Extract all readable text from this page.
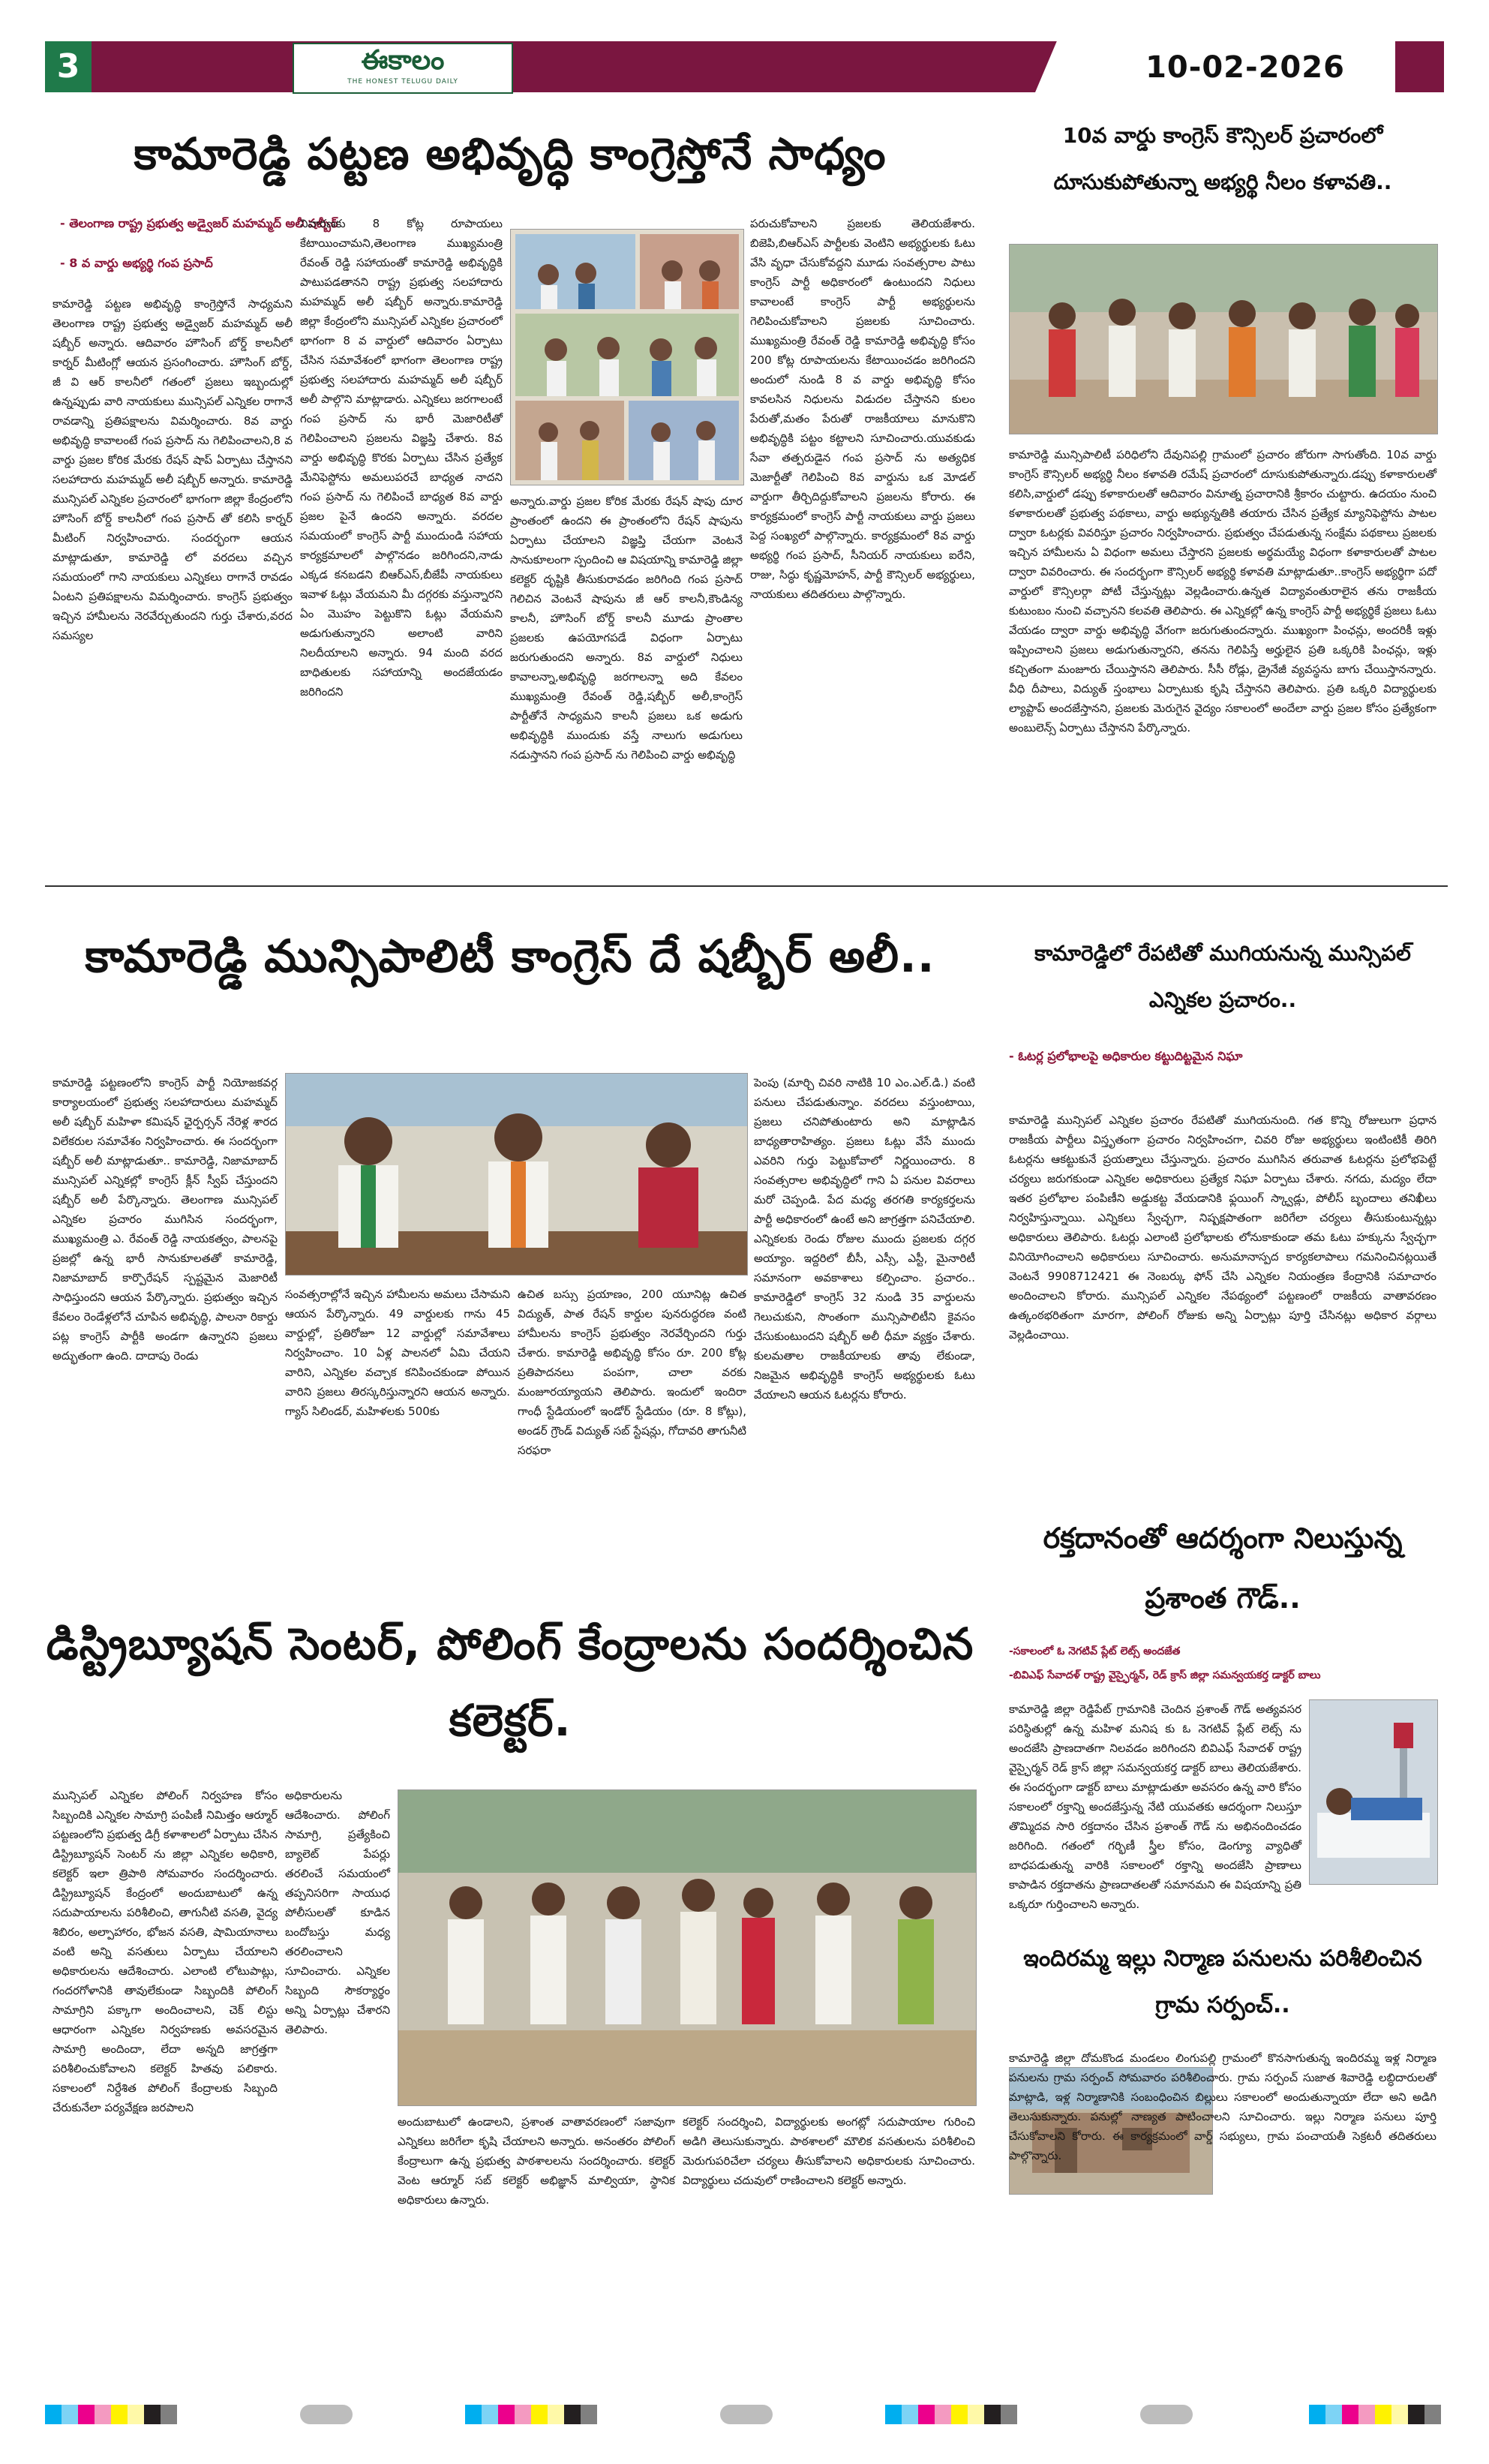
3	ఈకాలం
THE HONEST TELUGU DAILY	10-02-2026
కామారెడ్డి పట్టణ అభివృద్ధి కాంగ్రెస్తోనే సాధ్యం
- తెలంగాణ రాష్ట్ర ప్రభుత్వ అడ్వైజర్ మహమ్మద్ అలీ షబ్బీర్
- 8 వ వార్డు అభ్యర్థి గంప ప్రసాద్
కామారెడ్డి పట్టణ అభివృద్ధి కాంగ్రెస్తోనే సాధ్యమని తెలంగాణ రాష్ట్ర ప్రభుత్వ అడ్వైజర్ మహమ్మద్ అలీ షబ్బీర్ అన్నారు. ఆదివారం హౌసింగ్ బోర్డ్ కాలనీలో కార్నర్ మీటింగ్లో ఆయన ప్రసంగించారు. హౌసింగ్ బోర్డ్, జీ వి ఆర్ కాలనీలో గతంలో ప్రజలు ఇబ్బందుల్లో ఉన్నప్పుడు వారి నాయకులు మున్సిపల్ ఎన్నికల రాగానే రావడాన్ని ప్రతిపక్షాలను విమర్శించారు. 8వ వార్డు అభివృద్ధి కావాలంటే గంప ప్రసాద్ ను గెలిపించాలని,8 వ వార్డు ప్రజల కోరిక మేరకు రేషన్ షాప్ ఏర్పాటు చేస్తానని సలహాదారు మహమ్మద్ అలీ షబ్బీర్ అన్నారు. కామారెడ్డి మున్సిపల్ ఎన్నికల ప్రచారంలో భాగంగా జిల్లా కేంద్రంలోని హౌసింగ్ బోర్డ్ కాలనీలో గంప ప్రసాద్ తో కలిసి కార్నర్ మీటింగ్ నిర్వహించారు. సందర్భంగా ఆయన మాట్లాడుతూ, కామారెడ్డి లో వరదలు వచ్చిన సమయంలో గాని నాయకులు ఎన్నికలు రాగానే రావడం ఏంటని ప్రతిపక్షాలను విమర్శించారు. కాంగ్రెస్ ప్రభుత్వం ఇచ్చిన హామీలను నెరవేర్చుతుందని గుర్తు చేశారు,వరద సమస్యల
నివారణకు 8 కోట్ల రూపాయలు కేటాయించామని,తెలంగాణ ముఖ్యమంత్రి రేవంత్ రెడ్డి సహాయంతో కామారెడ్డి అభివృద్ధికి పాటుపడతానని రాష్ట్ర ప్రభుత్వ సలహాదారు మహమ్మద్ అలీ షబ్బీర్ అన్నారు.కామారెడ్డి జిల్లా కేంద్రంలోని మున్సిపల్ ఎన్నికల ప్రచారంలో భాగంగా 8 వ వార్డులో ఆదివారం ఏర్పాటు చేసిన సమావేశంలో భాగంగా తెలంగాణ రాష్ట్ర ప్రభుత్వ సలహాదారు మహమ్మద్ అలీ షబ్బీర్ అలీ పాల్గొని మాట్లాడారు. ఎన్నికలు జరగాలంటే గంప ప్రసాద్ ను భారీ మెజారిటీతో గెలిపించాలని ప్రజలను విజ్ఞప్తి చేశారు. 8వ వార్డు అభివృద్ధి కొరకు ఏర్పాటు చేసిన ప్రత్యేక మేనిఫెస్టోను అమలుపరచే బాధ్యత నాదని గంప ప్రసాద్ ను గెలిపించే బాధ్యత 8వ వార్డు ప్రజల పైనే ఉందని అన్నారు. వరదల సమయంలో కాంగ్రెస్ పార్టీ ముందుండి సహాయ కార్యక్రమాలలో పాల్గొనడం జరిగిందని,నాడు ఎక్కడ కనబడని బిఆర్ఎస్,బీజేపీ నాయకులు ఇవాళ ఓట్లు వేయమని మీ దగ్గరకు వస్తున్నారని ఏం మొహం పెట్టుకొని ఓట్లు వేయమని అడుగుతున్నారని అలాంటి వారిని నిలదీయాలని అన్నారు. 94 మంది వరద బాధితులకు సహాయాన్ని అందజేయడం జరిగిందని
అన్నారు.వార్డు ప్రజల కోరిక మేరకు రేషన్ షాపు దూర ప్రాంతంలో ఉందని ఈ ప్రాంతంలోని రేషన్ షాపును ఏర్పాటు చేయాలని విజ్ఞప్తి చేయగా వెంటనే సానుకూలంగా స్పందించి ఆ విషయాన్ని కామారెడ్డి జిల్లా కలెక్టర్ దృష్టికి తీసుకురావడం జరిగింది గంప ప్రసాద్ గెలిచిన వెంటనే షాపును జీ ఆర్ కాలనీ,కౌండిన్య కాలనీ, హౌసింగ్ బోర్డ్ కాలనీ మూడు ప్రాంతాల ప్రజలకు ఉపయోగపడే విధంగా ఏర్పాటు జరుగుతుందని అన్నారు. 8వ వార్డులో నిధులు కావాలన్నా,అభివృద్ధి జరగాలన్నా అది కేవలం ముఖ్యమంత్రి రేవంత్ రెడ్డి,షబ్బీర్ అలీ,కాంగ్రెస్ పార్టీతోనే సాధ్యమని కాలనీ ప్రజలు ఒక అడుగు అభివృద్ధికి ముందుకు వస్తే నాలుగు అడుగులు నడుస్తానని గంప ప్రసాద్ ను గెలిపించి వార్డు అభివృద్ధి
పరుచుకోవాలని ప్రజలకు తెలియజేశారు. బిజెపి,బిఆర్ఎస్ పార్టీలకు వెంటిని అభ్యర్థులకు ఓటు వేసి వృధా చేసుకోవద్దని మూడు సంవత్సరాల పాటు కాంగ్రెస్ పార్టీ అధికారంలో ఉంటుందని నిధులు కావాలంటే కాంగ్రెస్ పార్టీ అభ్యర్థులను గెలిపించుకోవాలని ప్రజలకు సూచించారు. ముఖ్యమంత్రి రేవంత్ రెడ్డి కామారెడ్డి అభివృద్ధి కోసం 200 కోట్ల రూపాయలను కేటాయించడం జరిగిందని అందులో నుండి 8 వ వార్డు అభివృద్ధి కోసం కావలసిన నిధులను విడుదల చేస్తానని కులం పేరుతో,మతం పేరుతో రాజకీయాలు మానుకొని అభివృద్ధికి పట్టం కట్టాలని సూచించారు.యువకుడు సేవా తత్పరుడైన గంప ప్రసాద్ ను అత్యధిక మెజార్టీతో గెలిపించి 8వ వార్డును ఒక మోడల్ వార్డుగా తీర్చిదిద్దుకోవాలని ప్రజలను కోరారు. ఈ కార్యక్రమంలో కాంగ్రెస్ పార్టీ నాయకులు వార్డు ప్రజలు పెద్ద సంఖ్యలో పాల్గొన్నారు. కార్యక్రమంలో 8వ వార్డు అభ్యర్థి గంప ప్రసాద్, సీనియర్ నాయకులు ఐరేని, రాజు, సిద్ధు కృష్ణమోహన్, పార్టీ కౌన్సిలర్ అభ్యర్థులు, నాయకులు తదితరులు పాల్గొన్నారు.
10వ వార్డు కాంగ్రెస్ కౌన్సిలర్ ప్రచారంలో దూసుకుపోతున్నా అభ్యర్థి నీలం కళావతి..
కామారెడ్డి మున్సిపాలిటీ పరిధిలోని దేవునిపల్లి గ్రామంలో ప్రచారం జోరుగా సాగుతోంది. 10వ వార్డు కాంగ్రెస్ కౌన్సిలర్ అభ్యర్థి నీలం కళావతి రమేష్ ప్రచారంలో దూసుకుపోతున్నారు.డప్పు కళాకారులతో కలిసి,వార్డులో డప్పు కళాకారులతో ఆదివారం వినూత్న ప్రచారానికి శ్రీకారం చుట్టారు. ఉదయం నుంచి కళాకారులతో ప్రభుత్వ పథకాలు, వార్డు అభ్యున్నతికి తయారు చేసిన ప్రత్యేక మ్యానిఫెస్టోను పాటల ద్వారా ఓటర్లకు వివరిస్తూ ప్రచారం నిర్వహించారు. ప్రభుత్వం చేపడుతున్న సంక్షేమ పథకాలు ప్రజలకు ఇచ్చిన హామీలను ఏ విధంగా అమలు చేస్తారని ప్రజలకు అర్థమయ్యే విధంగా కళాకారులతో పాటల ద్వారా వివరించారు. ఈ సందర్భంగా కౌన్సిలర్ అభ్యర్థి కళావతి మాట్లాడుతూ..కాంగ్రెస్ అభ్యర్థిగా పదో వార్డులో కౌన్సిలర్గా పోటీ చేస్తున్నట్లు వెల్లడించారు.ఉన్నత విద్యావంతురాలైన తను రాజకీయ కుటుంబం నుంచి వచ్చానని కలవతి తెలిపారు. ఈ ఎన్నికల్లో ఉన్న కాంగ్రెస్ పార్టీ అభ్యర్థికే ప్రజలు ఓటు వేయడం ద్వారా వార్డు అభివృద్ధి వేగంగా జరుగుతుందన్నారు. ముఖ్యంగా పింఛన్లు, అందరికీ ఇళ్లు ఇప్పించాలని ప్రజలు అడుగుతున్నారని, తనను గెలిపిస్తే అర్హులైన ప్రతి ఒక్కరికి పింఛన్లు, ఇళ్లు కచ్చితంగా మంజూరు చేయిస్తానని తెలిపారు. సీసీ రోడ్లు, డ్రైనేజీ వ్యవస్థను బాగు చేయిస్తానన్నారు. వీధి దీపాలు, విద్యుత్ స్తంభాలు ఏర్పాటుకు కృషి చేస్తానని తెలిపారు. ప్రతి ఒక్కరి విద్యార్థులకు ల్యాప్టాప్ అందజేస్తానని, ప్రజలకు మెరుగైన వైద్యం సకాలంలో అందేలా వార్డు ప్రజల కోసం ప్రత్యేకంగా అంబులెన్స్ ఏర్పాటు చేస్తానని పేర్కొన్నారు.
కామారెడ్డి మున్సిపాలిటీ కాంగ్రెస్ దే షబ్బీర్ అలీ..
కామారెడ్డి పట్టణంలోని కాంగ్రెస్ పార్టీ నియోజకవర్గ కార్యాలయంలో ప్రభుత్వ సలహాదారులు మహమ్మద్ అలీ షబ్బీర్ మహిళా కమిషన్ ఛైర్పర్సన్ నేరెళ్ల శారద విలేకరుల సమావేశం నిర్వహించారు. ఈ సందర్భంగా షబ్బీర్ అలీ మాట్లాడుతూ.. కామారెడ్డి, నిజామాబాద్ మున్సిపల్ ఎన్నికల్లో కాంగ్రెస్ క్లీన్ స్వీప్ చేస్తుందని షబ్బీర్ అలీ పేర్కొన్నారు. తెలంగాణ మున్సిపల్ ఎన్నికల ప్రచారం ముగిసిన సందర్భంగా, ముఖ్యమంత్రి ఎ. రేవంత్ రెడ్డి నాయకత్వం, పాలనపై ప్రజల్లో ఉన్న భారీ సానుకూలతతో కామారెడ్డి, నిజామాబాద్ కార్పొరేషన్ స్పష్టమైన మెజారిటీ సాధిస్తుందని ఆయన పేర్కొన్నారు. ప్రభుత్వం ఇచ్చిన కేవలం రెండేళ్లలోనే చూపిన అభివృద్ధి, పాలనా రికార్డు పట్ల కాంగ్రెస్ పార్టీకి అండగా ఉన్నారని ప్రజలు అద్భుతంగా ఉంది. దాదాపు రెండు
సంవత్సరాల్లోనే ఇచ్చిన హామీలను అమలు చేసామని ఆయన పేర్కొన్నారు. 49 వార్డులకు గాను 45 వార్డుల్లో, ప్రతిరోజూ 12 వార్డుల్లో సమావేశాలు నిర్వహించాం. 10 ఏళ్ల పాలనలో ఏమి చేయని వారిని, ఎన్నికల వచ్చాక కనిపించకుండా పోయిన వారిని ప్రజలు తిరస్కరిస్తున్నారని ఆయన అన్నారు. గ్యాస్ సిలిండర్, మహిళలకు 500కు
ఉచిత బస్సు ప్రయాణం, 200 యూనిట్ల ఉచిత విద్యుత్, పాత రేషన్ కార్డుల పునరుద్ధరణ వంటి హామీలను కాంగ్రెస్ ప్రభుత్వం నెరవేర్చిందని గుర్తు చేశారు. కామారెడ్డి అభివృద్ధి కోసం రూ. 200 కోట్ల ప్రతిపాదనలు పంపగా, చాలా వరకు మంజూరయ్యాయని తెలిపారు. ఇందులో ఇందిరా గాంధీ స్టేడియంలో ఇండోర్ స్టేడియం (రూ. 8 కోట్లు), అండర్ గ్రౌండ్ విద్యుత్ సబ్ స్టేషన్లు, గోదావరి తాగునీటి సరఫరా
పెంపు (మార్చి చివరి నాటికి 10 ఎం.ఎల్.డి.) వంటి పనులు చేపడుతున్నాం. వరదలు వస్తుంటాయి, ప్రజలు చనిపోతుంటారు అని మాట్లాడిన బాధ్యతారాహిత్యం. ప్రజలు ఓట్లు వేసే ముందు ఎవరిని గుర్తు పెట్టుకోవాలో నిర్ణయించారు. 8 సంవత్సరాల అభివృద్ధిలో గాని ఏ పనుల వివరాలు మరో చెప్పండి. పేద మధ్య తరగతి కార్యకర్తలను పార్టీ అధికారంలో ఉంటే అని జాగ్రత్తగా పనిచేయాలి. ఎన్నికలకు రెండు రోజుల ముందు ప్రజలకు దగ్గర అయ్యాం. ఇద్దరిలో బీసీ, ఎస్సీ, ఎస్టీ, మైనారిటీ సమానంగా అవకాశాలు కల్పించాం. ప్రచారం.. కామారెడ్డిలో కాంగ్రెస్ 32 నుండి 35 వార్డులను గెలుచుకుని, సొంతంగా మున్సిపాలిటీని కైవసం చేసుకుంటుందని షబ్బీర్ అలీ ధీమా వ్యక్తం చేశారు. కులమతాల రాజకీయాలకు తావు లేకుండా, నిజమైన అభివృద్ధికి కాంగ్రెస్ అభ్యర్థులకు ఓటు వేయాలని ఆయన ఓటర్లను కోరారు.
కామారెడ్డిలో రేపటితో ముగియనున్న మున్సిపల్ ఎన్నికల ప్రచారం..
- ఓటర్ల ప్రలోభాలపై అధికారుల కట్టుదిట్టమైన నిఘా
కామారెడ్డి మున్సిపల్ ఎన్నికల ప్రచారం రేపటితో ముగియనుంది. గత కొన్ని రోజులుగా ప్రధాన రాజకీయ పార్టీలు విస్తృతంగా ప్రచారం నిర్వహించగా, చివరి రోజు అభ్యర్థులు ఇంటింటికీ తిరిగి ఓటర్లను ఆకట్టుకునే ప్రయత్నాలు చేస్తున్నారు. ప్రచారం ముగిసిన తరువాత ఓటర్లను ప్రలోభపెట్టే చర్యలు జరుగకుండా ఎన్నికల అధికారులు ప్రత్యేక నిఘా ఏర్పాటు చేశారు. నగదు, మద్యం లేదా ఇతర ప్రలోభాల పంపిణీని అడ్డుకట్ట వేయడానికి ఫ్లయింగ్ స్క్వాడ్లు, పోలీస్ బృందాలు తనిఖీలు నిర్వహిస్తున్నాయి. ఎన్నికలు స్వేచ్ఛగా, నిష్పక్షపాతంగా జరిగేలా చర్యలు తీసుకుంటున్నట్లు అధికారులు తెలిపారు. ఓటర్లు ఎలాంటి ప్రలోభాలకు లోనుకాకుండా తమ ఓటు హక్కును స్వేచ్ఛగా వినియోగించాలని అధికారులు సూచించారు. అనుమానాస్పద కార్యకలాపాలు గమనించినట్లయితే వెంటనే 9908712421 ఈ నెంబర్కు ఫోన్ చేసి ఎన్నికల నియంత్రణ కేంద్రానికి సమాచారం అందించాలని కోరారు. మున్సిపల్ ఎన్నికల నేపథ్యంలో పట్టణంలో రాజకీయ వాతావరణం ఉత్కంఠభరితంగా మారగా, పోలింగ్ రోజుకు అన్ని ఏర్పాట్లు పూర్తి చేసినట్లు అధికార వర్గాలు వెల్లడించాయి.
రక్తదానంతో ఆదర్శంగా నిలుస్తున్న ప్రశాంత గౌడ్..
-సకాలంలో ఓ నెగటివ్ ప్లేట్ లెట్స్ అందజేత
-బివిఎఫ్ సేవాదళ్ రాష్ట్ర వైస్ఛైర్మన్, రెడ్ క్రాస్ జిల్లా సమన్వయకర్త డాక్టర్ బాలు
కామారెడ్డి జిల్లా రెడ్డిపేట్ గ్రామానికి చెందిన ప్రశాంత్ గౌడ్ అత్యవసర పరిస్థితుల్లో ఉన్న మహిళ మనిష కు ఓ నెగటివ్ ప్లేట్ లెట్స్ ను అందజేసి ప్రాణదాతగా నిలవడం జరిగిందని బివిఎఫ్ సేవాదళ్ రాష్ట్ర వైస్ఛైర్మన్ రెడ్ క్రాస్ జిల్లా సమన్వయకర్త డాక్టర్ బాలు తెలియజేశారు. ఈ సందర్భంగా డాక్టర్ బాలు మాట్లాడుతూ అవసరం ఉన్న వారి కోసం సకాలంలో రక్తాన్ని అందజేస్తున్న నేటి యువతకు ఆదర్శంగా నిలుస్తూ తొమ్మిదవ సారి రక్తదానం చేసిన ప్రశాంత్ గౌడ్ ను అభినందించడం జరిగింది. గతంలో గర్భిణీ స్త్రీల కోసం, డెంగ్యూ వ్యాధితో బాధపడుతున్న వారికి సకాలంలో రక్తాన్ని అందజేసి ప్రాణాలు కాపాడిన రక్తదాతను ప్రాణదాతలతో సమానమని ఈ విషయాన్ని ప్రతి ఒక్కరూ గుర్తించాలని అన్నారు.
డిస్ట్రిబ్యూషన్ సెంటర్, పోలింగ్ కేంద్రాలను సందర్శించిన కలెక్టర్.
మున్సిపల్ ఎన్నికల పోలింగ్ నిర్వహణ కోసం సిబ్బందికి ఎన్నికల సామాగ్రి పంపిణీ నిమిత్తం ఆర్మూర్ పట్టణంలోని ప్రభుత్వ డిగ్రీ కళాశాలలో ఏర్పాటు చేసిన డిస్ట్రిబ్యూషన్ సెంటర్ ను జిల్లా ఎన్నికల అధికారి, కలెక్టర్ ఇలా త్రిపాఠి సోమవారం సందర్శించారు. డిస్ట్రిబ్యూషన్ కేంద్రంలో అందుబాటులో ఉన్న సదుపాయాలను పరిశీలించి, తాగునీటి వసతి, వైద్య శిబిరం, అల్పాహారం, భోజన వసతి, షామియానాలు వంటి అన్ని వసతులు ఏర్పాటు చేయాలని అధికారులను ఆదేశించారు. ఎలాంటి లోటుపాట్లు, గందరగోళానికి తావులేకుండా సిబ్బందికి పోలింగ్ సామాగ్రిని పక్కాగా అందించాలని, చెక్ లిస్టు ఆధారంగా ఎన్నికల నిర్వహణకు అవసరమైన సామాగ్రి అందిందా, లేదా అన్నది జాగ్రత్తగా పరిశీలించుకోవాలని కలెక్టర్ హితవు పలికారు. సకాలంలో నిర్దేశిత పోలింగ్ కేంద్రాలకు సిబ్బంది చేరుకునేలా పర్యవేక్షణ జరపాలని
అధికారులను ఆదేశించారు. పోలింగ్ సామాగ్రి, ప్రత్యేకించి బ్యాలెట్ పేపర్లు తరలించే సమయంలో తప్పనిసరిగా సాయుధ పోలీసులతో కూడిన బందోబస్తు మధ్య తరలించాలని సూచించారు. ఎన్నికల సిబ్బంది సౌకర్యార్థం అన్ని ఏర్పాట్లు చేశారని తెలిపారు.
అందుబాటులో ఉండాలని, ప్రశాంత వాతావరణంలో సజావుగా ఎన్నికలు జరిగేలా కృషి చేయాలని అన్నారు. అనంతరం పోలింగ్ కేంద్రాలుగా ఉన్న ప్రభుత్వ పాఠశాలలను సందర్శించారు. కలెక్టర్ వెంట ఆర్మూర్ సబ్ కలెక్టర్ అభిజ్ఞాన్ మాల్వియా, స్థానిక అధికారులు ఉన్నారు.
కలెక్టర్ సందర్శించి, విద్యార్థులకు అంగట్లో సదుపాయాల గురించి అడిగి తెలుసుకున్నారు. పాఠశాలలో మౌలిక వసతులను పరిశీలించి మెరుగుపరిచేలా చర్యలు తీసుకోవాలని అధికారులకు సూచించారు. విద్యార్థులు చదువులో రాణించాలని కలెక్టర్ అన్నారు.
ఇందిరమ్మ ఇల్లు నిర్మాణ పనులను పరిశీలించిన గ్రామ సర్పంచ్..
కామారెడ్డి జిల్లా దోమకొండ మండలం లింగుపల్లి గ్రామంలో కొనసాగుతున్న ఇందిరమ్మ ఇళ్ల నిర్మాణ పనులను గ్రామ సర్పంచ్ సోమవారం పరిశీలించారు. గ్రామ సర్పంచ్ సుజాత శివారెడ్డి లబ్ధిదారులతో మాట్లాడి, ఇళ్ల నిర్మాణానికి సంబంధించిన బిల్లులు సకాలంలో అందుతున్నాయా లేదా అని అడిగి తెలుసుకున్నారు. పనుల్లో నాణ్యత పాటించాలని సూచించారు. ఇల్లు నిర్మాణ పనులు పూర్తి చేసుకోవాలని కోరారు. ఈ కార్యక్రమంలో వార్డ్ సభ్యులు, గ్రామ పంచాయతీ సెక్రటరీ తదితరులు పాల్గొన్నారు.
